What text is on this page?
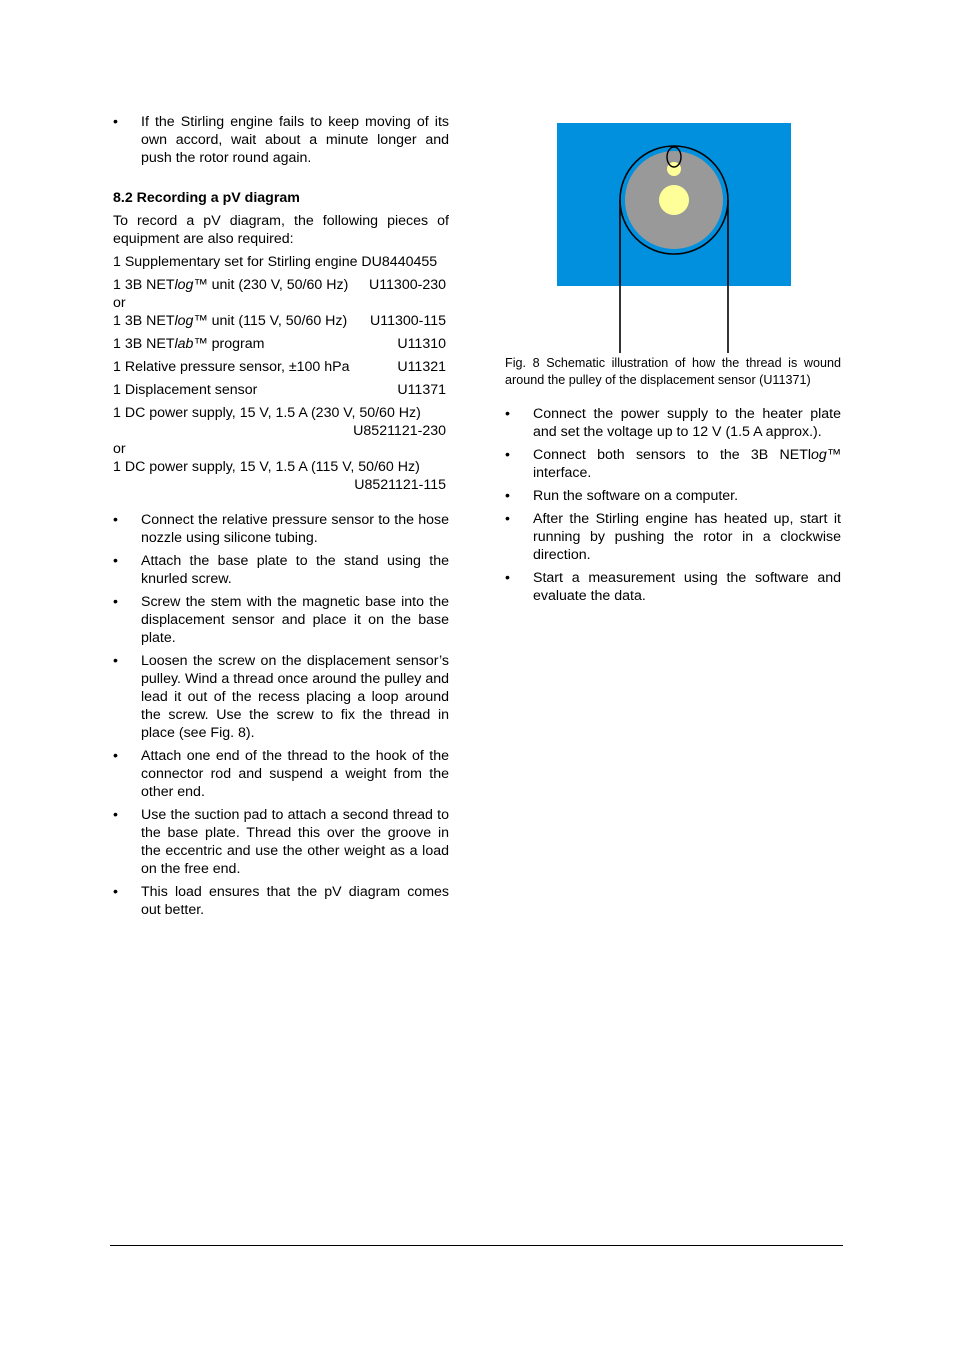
• If the Stirling engine fails to keep moving of its own accord, wait about a minute longer and push the rotor round again.
8.2 Recording a pV diagram

To record a pV diagram, the following pieces of equipment are also required:

1 Supplementary set for Stirling engine DU8440455

1 3B NETlog™ unit (230 V, 50/60 Hz) U11300-230

or

1 3B NETlog™ unit (115 V, 50/60 Hz) U11300-115
1 3B NETlab™ program	U11310
1 Relative pressure sensor, ±100 hPa	U11321
1 Displacement sensor	U11371

1 DC power supply, 15 V, 1.5 A (230 V, 50/60 Hz)

U8521121-230

or

1 DC power supply, 15 V, 1.5 A (115 V, 50/60 Hz)

U8521121-115

• Connect the relative pressure sensor to the hose nozzle using silicone tubing.
• Attach the base plate to the stand using the knurled screw.
• Screw the stem with the magnetic base into the displacement sensor and place it on the base plate.
• Loosen the screw on the displacement sensor’s pulley. Wind a thread once around the pulley and lead it out of the recess placing a loop around the screw. Use the screw to fix the thread in place (see Fig. 8).
• Attach one end of the thread to the hook of the connector rod and suspend a weight from the other end.
• Use the suction pad to attach a second thread to the base plate. Thread this over the groove in the eccentric and use the other weight as a load on the free end.
• This load ensures that the pV diagram comes out better.
Fig. 8 Schematic illustration of how the thread is wound around the pulley of the displacement sensor (U11371)
• Connect the power supply to the heater plate and set the voltage up to 12 V (1.5 A approx.).
• Connect both sensors to the 3B NETlog™ interface.
• Run the software on a computer.
• After the Stirling engine has heated up, start it running by pushing the rotor in a clockwise direction.
• Start a measurement using the software and evaluate the data.
